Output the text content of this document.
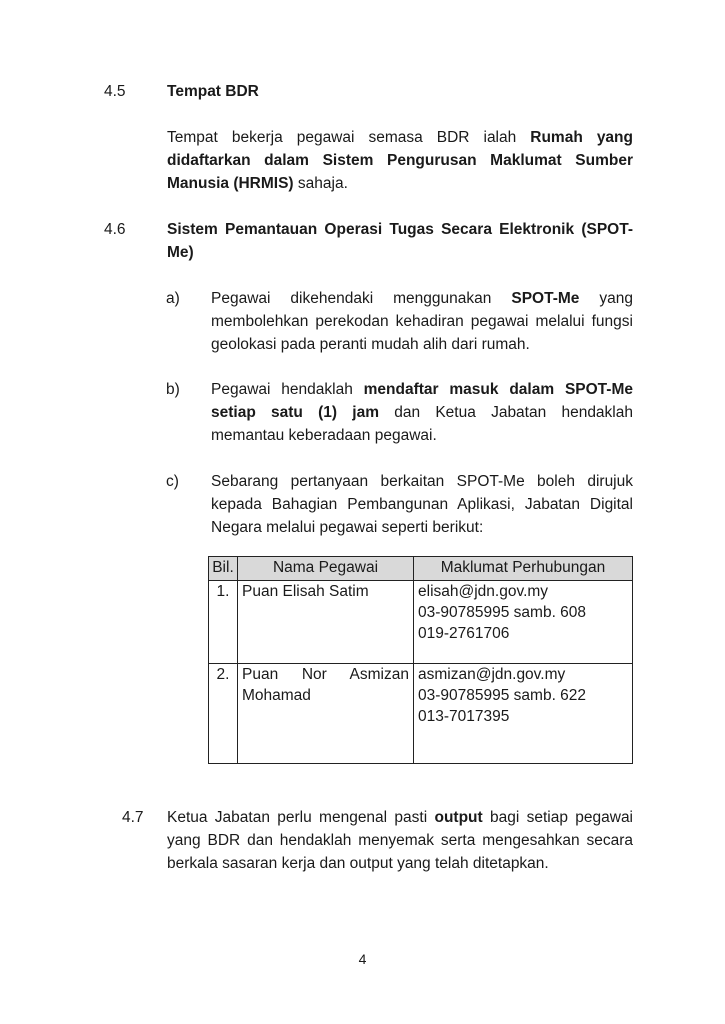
4.5	Tempat BDR
Tempat bekerja pegawai semasa BDR ialah Rumah yang didaftarkan dalam Sistem Pengurusan Maklumat Sumber Manusia (HRMIS) sahaja.
4.6	Sistem Pemantauan Operasi Tugas Secara Elektronik (SPOT-Me)
a) Pegawai dikehendaki menggunakan SPOT-Me yang membolehkan perekodan kehadiran pegawai melalui fungsi geolokasi pada peranti mudah alih dari rumah.
b) Pegawai hendaklah mendaftar masuk dalam SPOT-Me setiap satu (1) jam dan Ketua Jabatan hendaklah memantau keberadaan pegawai.
c) Sebarang pertanyaan berkaitan SPOT-Me boleh dirujuk kepada Bahagian Pembangunan Aplikasi, Jabatan Digital Negara melalui pegawai seperti berikut:
Bil.	Nama Pegawai	Maklumat Perhubungan
1.	Puan Elisah Satim	elisah@jdn.gov.my
03-90785995 samb. 608
019-2761706

2.	Puan Nor Asmizan Mohamad	asmizan@jdn.gov.my
03-90785995 samb. 622
013-7017395
4.7 Ketua Jabatan perlu mengenal pasti output bagi setiap pegawai yang BDR dan hendaklah menyemak serta mengesahkan secara berkala sasaran kerja dan output yang telah ditetapkan.
4
